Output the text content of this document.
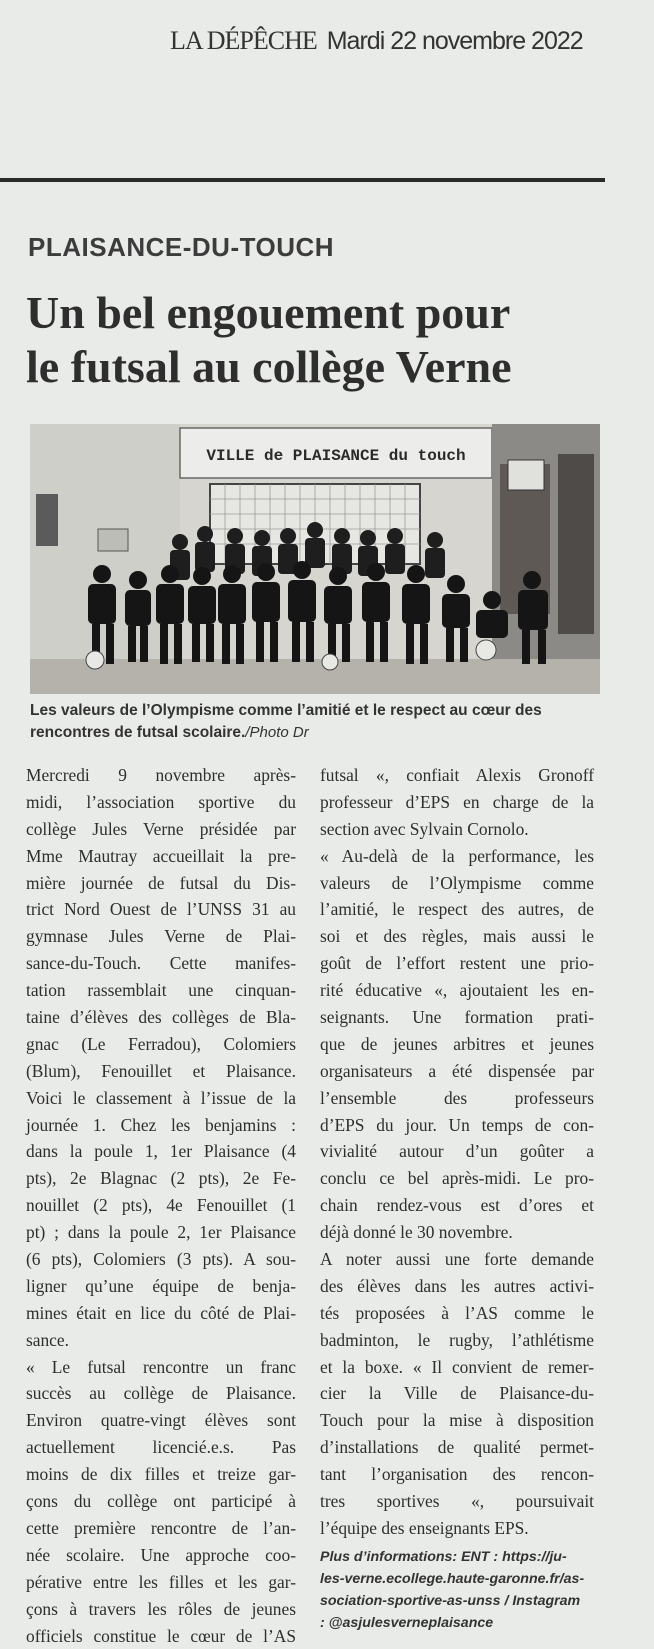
LA DÉPÊCHE Mardi 22 novembre 2022
PLAISANCE-DU-TOUCH
Un bel engouement pour
le futsal au collège Verne
VILLE de PLAISANCE du touch
Les valeurs de l’Olympisme comme l’amitié et le respect au cœur des rencontres de futsal scolaire./Photo Dr
Mercredi 9 novembre après-
midi, l’association sportive du
collège Jules Verne présidée par
Mme Mautray accueillait la pre-
mière journée de futsal du Dis-
trict Nord Ouest de l’UNSS 31 au
gymnase Jules Verne de Plai-
sance-du-Touch. Cette manifes-
tation rassemblait une cinquan-
taine d’élèves des collèges de Bla-
gnac (Le Ferradou), Colomiers
(Blum), Fenouillet et Plaisance.
Voici le classement à l’issue de la
journée 1. Chez les benjamins :
dans la poule 1, 1er Plaisance (4
pts), 2e Blagnac (2 pts), 2e Fe-
nouillet (2 pts), 4e Fenouillet (1
pt) ; dans la poule 2, 1er Plaisance
(6 pts), Colomiers (3 pts). A sou-
ligner qu’une équipe de benja-
mines était en lice du côté de Plai-
sance.
« Le futsal rencontre un franc
succès au collège de Plaisance.
Environ quatre-vingt élèves sont
actuellement licencié.e.s. Pas
moins de dix filles et treize gar-
çons du collège ont participé à
cette première rencontre de l’an-
née scolaire. Une approche coo-
pérative entre les filles et les gar-
çons à travers les rôles de jeunes
officiels constitue le cœur de l’AS
futsal «, confiait Alexis Gronoff
professeur d’EPS en charge de la
section avec Sylvain Cornolo.
« Au-delà de la performance, les
valeurs de l’Olympisme comme
l’amitié, le respect des autres, de
soi et des règles, mais aussi le
goût de l’effort restent une prio-
rité éducative «, ajoutaient les en-
seignants. Une formation prati-
que de jeunes arbitres et jeunes
organisateurs a été dispensée par
l’ensemble des professeurs
d’EPS du jour. Un temps de con-
vivialité autour d’un goûter a
conclu ce bel après-midi. Le pro-
chain rendez-vous est d’ores et
déjà donné le 30 novembre.
A noter aussi une forte demande
des élèves dans les autres activi-
tés proposées à l’AS comme le
badminton, le rugby, l’athlétisme
et la boxe. « Il convient de remer-
cier la Ville de Plaisance-du-
Touch pour la mise à disposition
d’installations de qualité permet-
tant l’organisation des rencon-
tres sportives «, poursuivait
l’équipe des enseignants EPS.
Plus d’informations: ENT : https://ju-
les-verne.ecollege.haute-garonne.fr/as-
sociation-sportive-as-unss / Instagram
: @asjulesverneplaisance
